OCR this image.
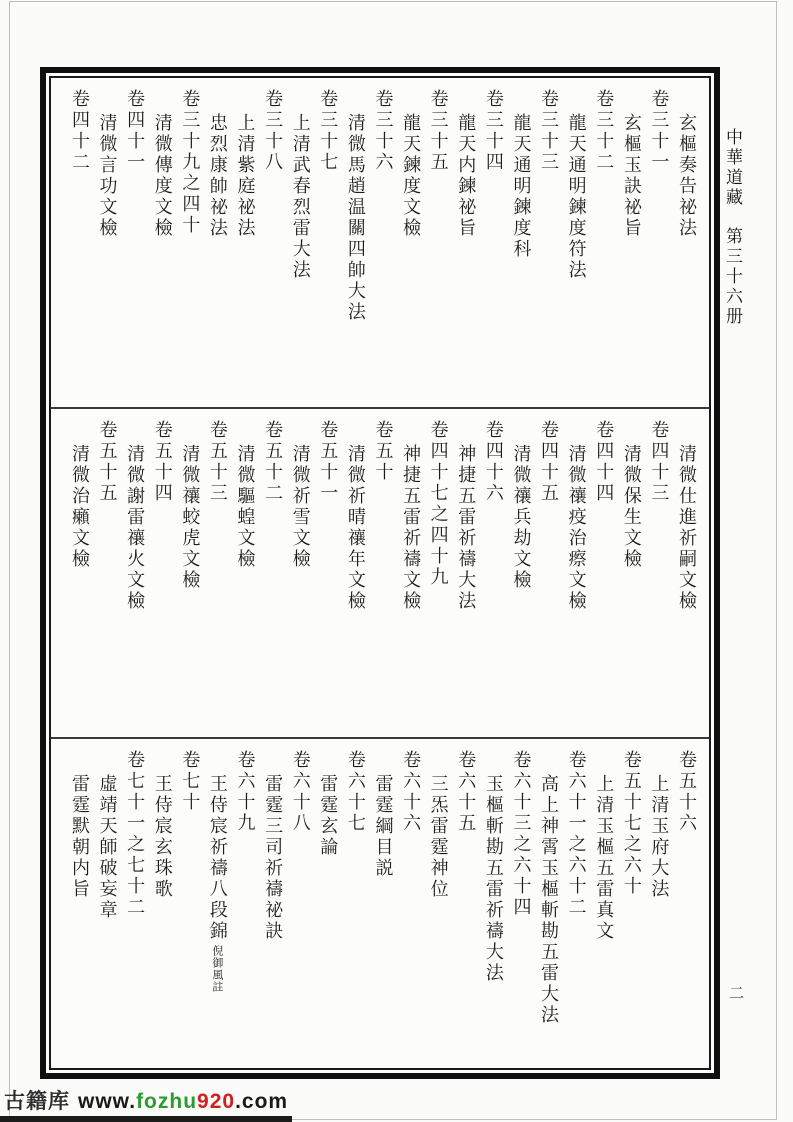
玄樞奏告祕法
卷三十一
玄樞玉訣祕旨
卷三十二
龍天通明鍊度符法
卷三十三
龍天通明鍊度科
卷三十四
龍天内鍊祕旨
卷三十五
龍天鍊度文檢
卷三十六
清微馬趙温關四帥大法
卷三十七
上清武春烈雷大法
卷三十八
上清紫庭祕法
忠烈康帥祕法
卷三十九之四十
清微傳度文檢
卷四十一
清微言功文檢
卷四十二
清微仕進祈嗣文檢
卷四十三
清微保生文檢
卷四十四
清微禳疫治瘵文檢
卷四十五
清微禳兵劫文檢
卷四十六
神捷五雷祈禱大法
卷四十七之四十九
神捷五雷祈禱文檢
卷五十
清微祈晴禳年文檢
卷五十一
清微祈雪文檢
卷五十二
清微驅蝗文檢
卷五十三
清微禳蛟虎文檢
卷五十四
清微謝雷禳火文檢
卷五十五
清微治癩文檢
卷五十六
上清玉府大法
卷五十七之六十
上清玉樞五雷真文
卷六十一之六十二
高上神霄玉樞斬勘五雷大法
卷六十三之六十四
玉樞斬勘五雷祈禱大法
卷六十五
三炁雷霆神位
卷六十六
雷霆綱目説
卷六十七
雷霆玄論
卷六十八
雷霆三司祈禱祕訣
卷六十九
王侍宸祈禱八段錦倪御風註
卷七十
王侍宸玄珠歌
卷七十一之七十二
虛靖天師破妄章
雷霆默朝内旨
中華道藏第三十六册
二
古籍库 www.fozhu920.com
